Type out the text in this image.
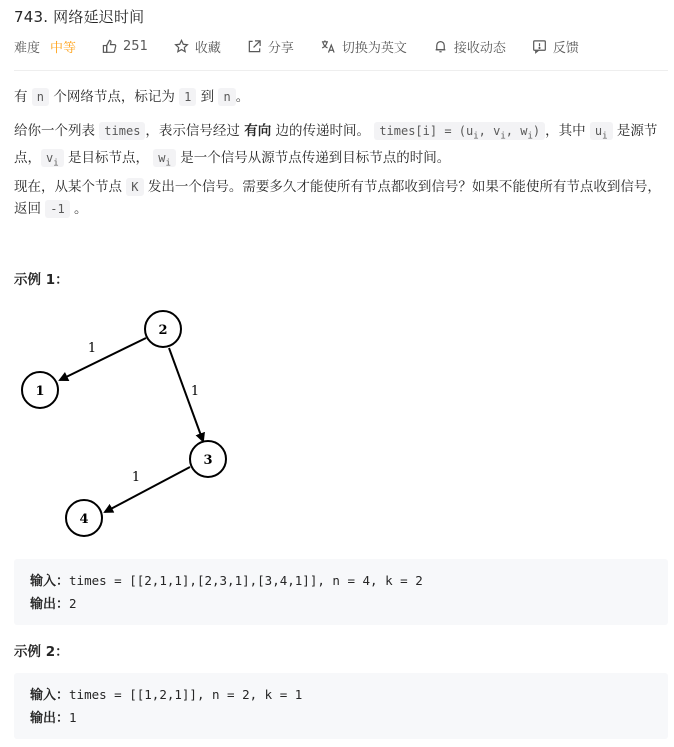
743. 网络延迟时间
难度 中等	251	收藏	分享	切换为英文	接收动态	反馈
有 n 个网络节点，标记为 1 到 n 。
给你一个列表 times ，表示信号经过 有向 边的传递时间。 times[i] = ($u_i$, $v_i$, $w_i$) ，其中 $u_i$ 是源节点， $v_i$ 是目标节点， $w_i$ 是一个信号从源节点传递到目标节点的时间。
现在，从某个节点 K 发出一个信号。需要多久才能使所有节点都收到信号？如果不能使所有节点收到信号，返回 -1 。
示例 1：
1
1
1
2
1
3
4
输入：times = [[2,1,1],[2,3,1],[3,4,1]], n = 4, k = 2
输出：2
示例 2：
输入：times = [[1,2,1]], n = 2, k = 1
输出：1
